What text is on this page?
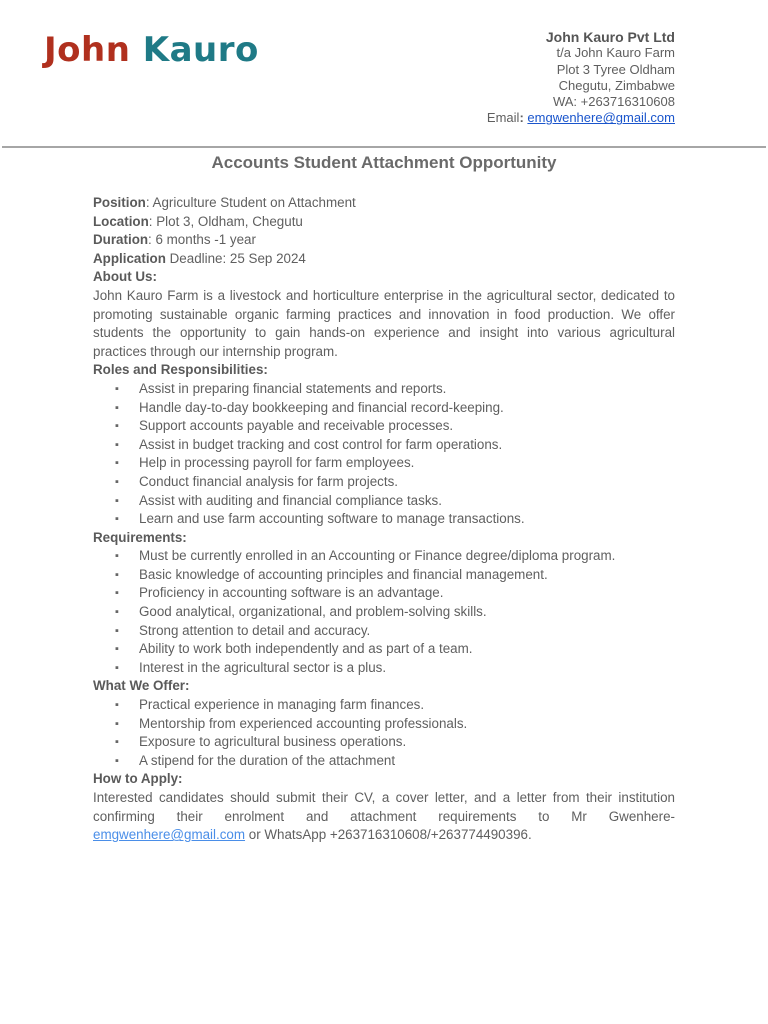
John Kauro	John Kauro Pvt Ltd
t/a John Kauro Farm
Plot 3 Tyree Oldham
Chegutu, Zimbabwe
WA: +263716310608
Email: emgwenhere@gmail.com
Accounts Student Attachment Opportunity

Position: Agriculture Student on Attachment

Location: Plot 3, Oldham, Chegutu

Duration: 6 months -1 year

Application Deadline: 25 Sep 2024

About Us:

John Kauro Farm is a livestock and horticulture enterprise in the agricultural sector, dedicated to promoting sustainable organic farming practices and innovation in food production. We offer students the opportunity to gain hands-on experience and insight into various agricultural practices through our internship program.

Roles and Responsibilities:

▪ Assist in preparing financial statements and reports.
▪ Handle day-to-day bookkeeping and financial record-keeping.
▪ Support accounts payable and receivable processes.
▪ Assist in budget tracking and cost control for farm operations.
▪ Help in processing payroll for farm employees.
▪ Conduct financial analysis for farm projects.
▪ Assist with auditing and financial compliance tasks.
▪ Learn and use farm accounting software to manage transactions.

Requirements:

▪ Must be currently enrolled in an Accounting or Finance degree/diploma program.
▪ Basic knowledge of accounting principles and financial management.
▪ Proficiency in accounting software is an advantage.
▪ Good analytical, organizational, and problem-solving skills.
▪ Strong attention to detail and accuracy.
▪ Ability to work both independently and as part of a team.
▪ Interest in the agricultural sector is a plus.

What We Offer:

▪ Practical experience in managing farm finances.
▪ Mentorship from experienced accounting professionals.
▪ Exposure to agricultural business operations.
▪ A stipend for the duration of the attachment

How to Apply:

Interested candidates should submit their CV, a cover letter, and a letter from their institution confirming their enrolment and attachment requirements to Mr Gwenhere-emgwenhere@gmail.com or WhatsApp +263716310608/+263774490396.
